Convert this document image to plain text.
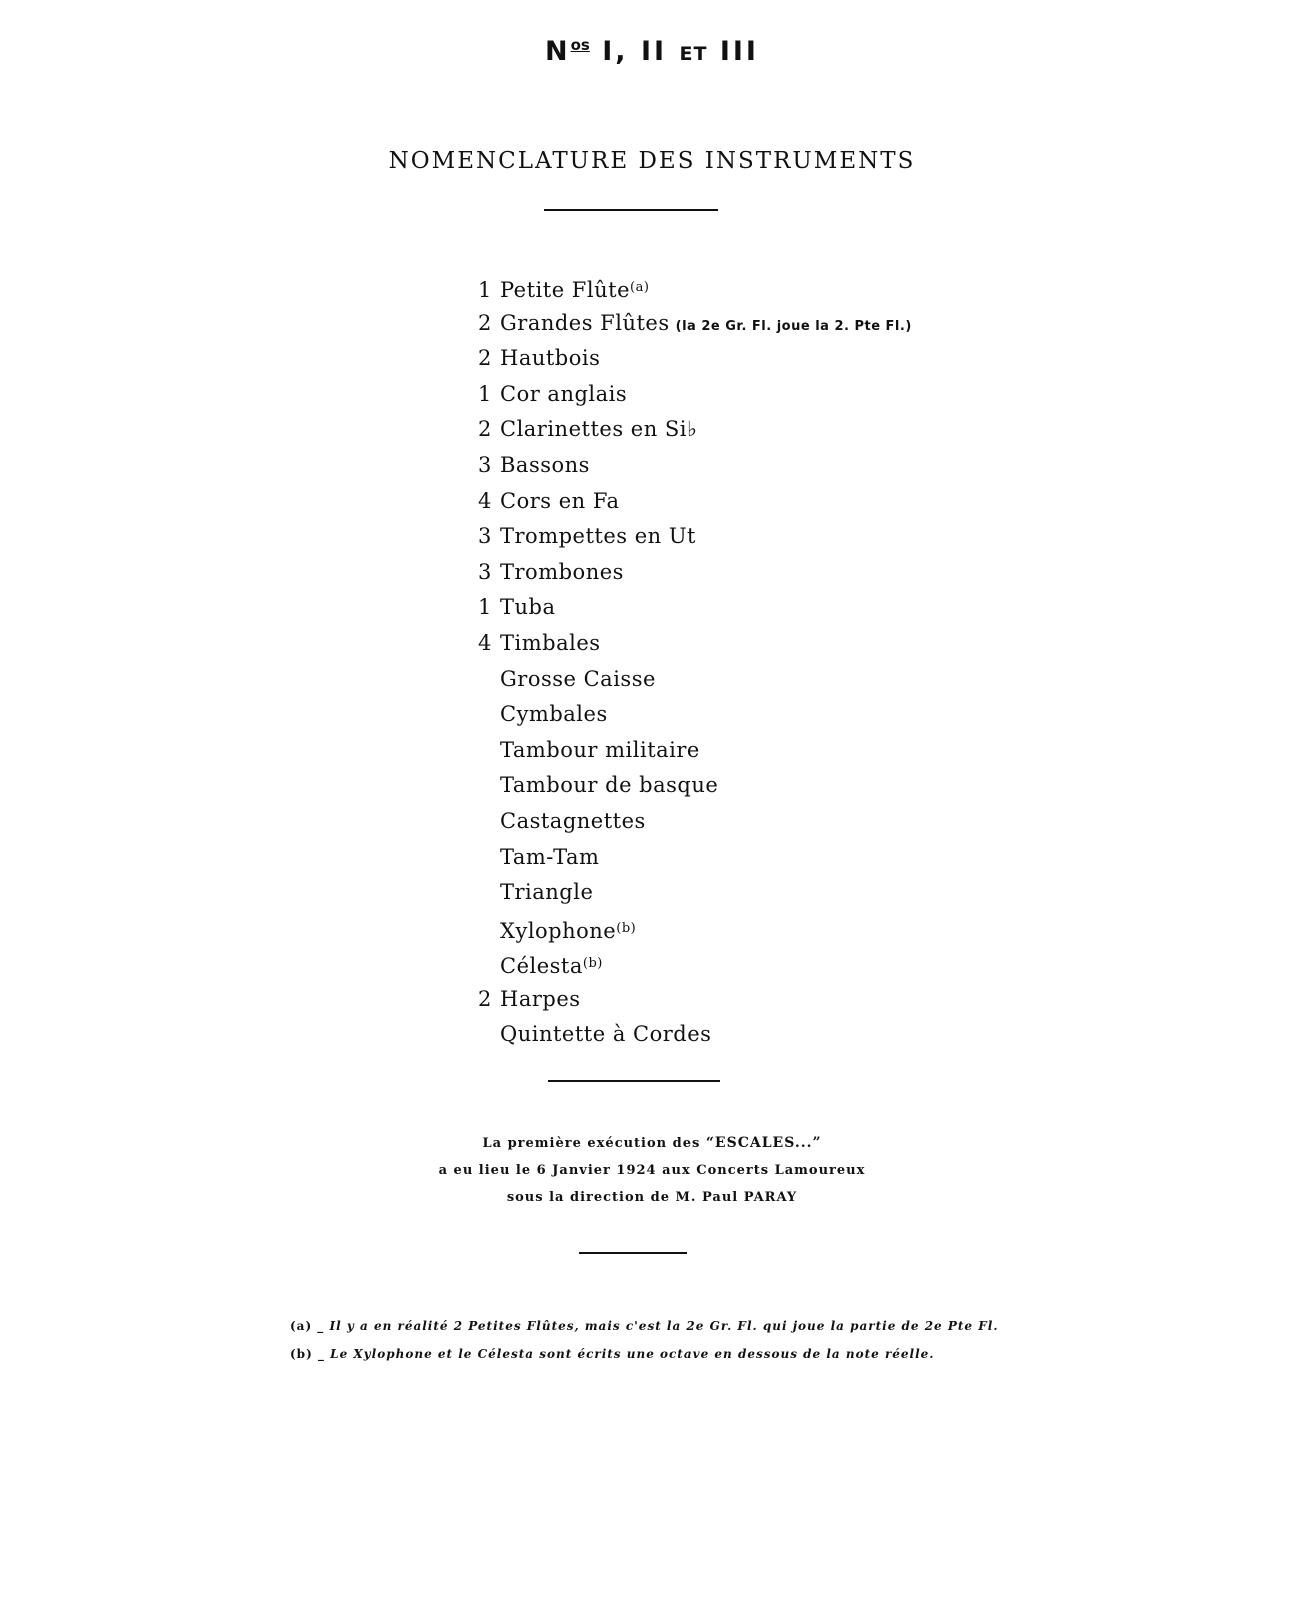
$N^{os}$ I, II ET III
NOMENCLATURE DES INSTRUMENTS
1 Petite Flûte$^{(a)}$
2 Grandes Flûtes (la 2e Gr. Fl. joue la 2. Pte Fl.)
2 Hautbois
1 Cor anglais
2 Clarinettes en Si♭
3 Bassons
4 Cors en Fa
3 Trompettes en Ut
3 Trombones
1 Tuba
4 Timbales
Grosse Caisse
Cymbales
Tambour militaire
Tambour de basque
Castagnettes
Tam-Tam
Triangle
Xylophone$^{(b)}$
Célesta$^{(b)}$
2 Harpes
Quintette à Cordes

La première exécution des “ESCALES...”

a eu lieu le 6 Janvier 1924 aux Concerts Lamoureux

sous la direction de M. Paul PARAY

(a) _ Il y a en réalité 2 Petites Flûtes, mais c'est la 2e Gr. Fl. qui joue la partie de 2e Pte Fl.

(b) _ Le Xylophone et le Célesta sont écrits une octave en dessous de la note réelle.
